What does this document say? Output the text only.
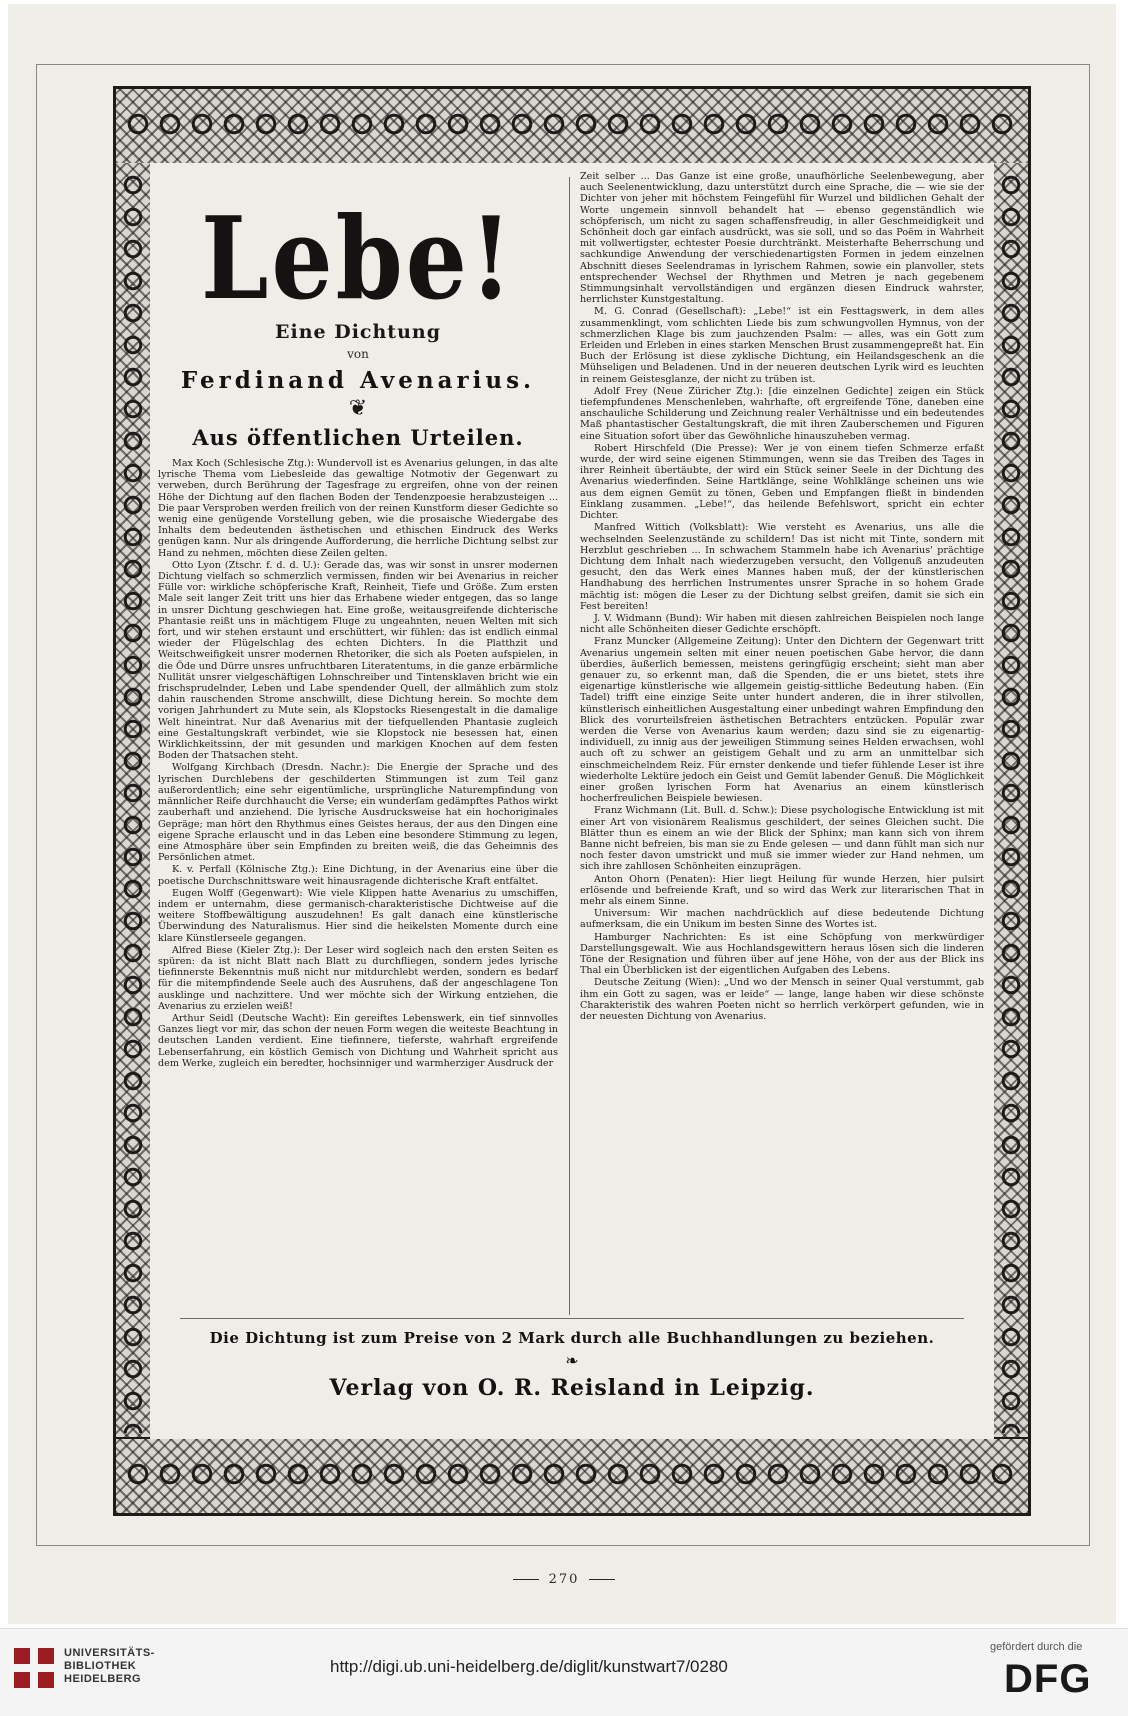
Lebe!
Eine Dichtung
von
Ferdinand Avenarius.
❦
Aus öffentlichen Urteilen.

Max Koch (Schlesische Ztg.): Wundervoll ist es Avenarius gelungen, in das alte lyrische Thema vom Liebesleide das gewaltige Notmotiv der Gegenwart zu verweben, durch Berührung der Tagesfrage zu ergreifen, ohne von der reinen Höhe der Dichtung auf den flachen Boden der Tendenzpoesie herabzusteigen ... Die paar Versproben werden freilich von der reinen Kunstform dieser Gedichte so wenig eine genügende Vorstellung geben, wie die prosaische Wiedergabe des Inhalts dem bedeutenden ästhetischen und ethischen Eindruck des Werks genügen kann. Nur als dringende Aufforderung, die herrliche Dichtung selbst zur Hand zu nehmen, möchten diese Zeilen gelten.

Otto Lyon (Ztschr. f. d. d. U.): Gerade das, was wir sonst in unsrer modernen Dichtung vielfach so schmerzlich vermissen, finden wir bei Avenarius in reicher Fülle vor: wirkliche schöpferische Kraft, Reinheit, Tiefe und Größe. Zum ersten Male seit langer Zeit tritt uns hier das Erhabene wieder entgegen, das so lange in unsrer Dichtung geschwiegen hat. Eine große, weitausgreifende dichterische Phantasie reißt uns in mächtigem Fluge zu ungeahnten, neuen Welten mit sich fort, und wir stehen erstaunt und erschüttert, wir fühlen: das ist endlich einmal wieder der Flügelschlag des echten Dichters. In die Platthzit und Weitschweifigkeit unsrer modernen Rhetoriker, die sich als Poeten aufspielen, in die Öde und Dürre unsres unfruchtbaren Literatentums, in die ganze erbärmliche Nullität unsrer vielgeschäftigen Lohnschreiber und Tintensklaven bricht wie ein frischsprudelnder, Leben und Labe spendender Quell, der allmählich zum stolz dahin rauschenden Strome anschwillt, diese Dichtung herein. So mochte dem vorigen Jahrhundert zu Mute sein, als Klopstocks Riesengestalt in die damalige Welt hineintrat. Nur daß Avenarius mit der tiefquellenden Phantasie zugleich eine Gestaltungskraft verbindet, wie sie Klopstock nie besessen hat, einen Wirklichkeitssinn, der mit gesunden und markigen Knochen auf dem festen Boden der Thatsachen steht.

Wolfgang Kirchbach (Dresdn. Nachr.): Die Energie der Sprache und des lyrischen Durchlebens der geschilderten Stimmungen ist zum Teil ganz außerordentlich; eine sehr eigentümliche, ursprüngliche Naturempfindung von männlicher Reife durchhaucht die Verse; ein wunderſam gedämpftes Pathos wirkt zauberhaft und anziehend. Die lyrische Ausdrucksweise hat ein hochoriginales Gepräge; man hört den Rhythmus eines Geistes heraus, der aus den Dingen eine eigene Sprache erlauscht und in das Leben eine besondere Stimmung zu legen, eine Atmosphäre über sein Empfinden zu breiten weiß, die das Geheimnis des Persönlichen atmet.

K. v. Perfall (Kölnische Ztg.): Eine Dichtung, in der Avenarius eine über die poetische Durchschnittsware weit hinausragende dichterische Kraft entfaltet.

Eugen Wolff (Gegenwart): Wie viele Klippen hatte Avenarius zu umschiffen, indem er unternahm, diese germanisch-charakteristische Dichtweise auf die weitere Stoffbewältigung auszudehnen! Es galt danach eine künstlerische Überwindung des Naturalismus. Hier sind die heikelsten Momente durch eine klare Künstlerseele gegangen.

Alfred Biese (Kieler Ztg.): Der Leser wird sogleich nach den ersten Seiten es spüren: da ist nicht Blatt nach Blatt zu durchfliegen, sondern jedes lyrische tiefinnerste Bekenntnis muß nicht nur mitdurchlebt werden, sondern es bedarf für die mitempfindende Seele auch des Ausruhens, daß der angeschlagene Ton ausklinge und nachzittere. Und wer möchte sich der Wirkung entziehen, die Avenarius zu erzielen weiß!

Arthur Seidl (Deutsche Wacht): Ein gereiftes Lebenswerk, ein tief sinnvolles Ganzes liegt vor mir, das schon der neuen Form wegen die weiteste Beachtung in deutschen Landen verdient. Eine tiefinnere, tieferste, wahrhaft ergreifende Lebenserfahrung, ein köstlich Gemisch von Dichtung und Wahrheit spricht aus dem Werke, zugleich ein beredter, hochsinniger und warmherziger Ausdruck der

Zeit selber ... Das Ganze ist eine große, unaufhörliche Seelenbewegung, aber auch Seelenentwicklung, dazu unterstützt durch eine Sprache, die — wie sie der Dichter von jeher mit höchstem Feingefühl für Wurzel und bildlichen Gehalt der Worte ungemein sinnvoll behandelt hat — ebenso gegenständlich wie schöpferisch, um nicht zu sagen schaffensfreudig, in aller Geschmeidigkeit und Schönheit doch gar einfach ausdrückt, was sie soll, und so das Poëm in Wahrheit mit vollwertigster, echtester Poesie durchtränkt. Meisterhafte Beherrschung und sachkundige Anwendung der verschiedenartigsten Formen in jedem einzelnen Abschnitt dieses Seelendramas in lyrischem Rahmen, sowie ein planvoller, stets entsprechender Wechsel der Rhythmen und Metren je nach gegebenem Stimmungsinhalt vervollständigen und ergänzen diesen Eindruck wahrster, herrlichster Kunstgestaltung.

M. G. Conrad (Gesellschaft): „Lebe!“ ist ein Festtagswerk, in dem alles zusammenklingt, vom schlichten Liede bis zum schwungvollen Hymnus, von der schmerzlichen Klage bis zum jauchzenden Psalm: — alles, was ein Gott zum Erleiden und Erleben in eines starken Menschen Brust zusammengepreßt hat. Ein Buch der Erlösung ist diese zyklische Dichtung, ein Heilandsgeschenk an die Mühseligen und Beladenen. Und in der neueren deutschen Lyrik wird es leuchten in reinem Geistesglanze, der nicht zu trüben ist.

Adolf Frey (Neue Züricher Ztg.): [die einzelnen Gedichte] zeigen ein Stück tiefempfundenes Menschenleben, wahrhafte, oft ergreifende Töne, daneben eine anschauliche Schilderung und Zeichnung realer Verhältnisse und ein bedeutendes Maß phantastischer Gestaltungskraft, die mit ihren Zauberschemen und Figuren eine Situation sofort über das Gewöhnliche hinauszuheben vermag.

Robert Hirschfeld (Die Presse): Wer je von einem tiefen Schmerze erfaßt wurde, der wird seine eigenen Stimmungen, wenn sie das Treiben des Tages in ihrer Reinheit übertäubte, der wird ein Stück seiner Seele in der Dichtung des Avenarius wiederfinden. Seine Hartklänge, seine Wohlklänge scheinen uns wie aus dem eignen Gemüt zu tönen, Geben und Empfangen fließt in bindenden Einklang zusammen. „Lebe!“, das heilende Befehlswort, spricht ein echter Dichter.

Manfred Wittich (Volksblatt): Wie versteht es Avenarius, uns alle die wechselnden Seelenzustände zu schildern! Das ist nicht mit Tinte, sondern mit Herzblut geschrieben ... In schwachem Stammeln habe ich Avenarius' prächtige Dichtung dem Inhalt nach wiederzugeben versucht, den Vollgenuß anzudeuten gesucht, den das Werk eines Mannes haben muß, der der künstlerischen Handhabung des herrlichen Instrumentes unsrer Sprache in so hohem Grade mächtig ist: mögen die Leser zu der Dichtung selbst greifen, damit sie sich ein Fest bereiten!

J. V. Widmann (Bund): Wir haben mit diesen zahlreichen Beispielen noch lange nicht alle Schönheiten dieser Gedichte erschöpft.

Franz Muncker (Allgemeine Zeitung): Unter den Dichtern der Gegenwart tritt Avenarius ungemein selten mit einer neuen poetischen Gabe hervor, die dann überdies, äußerlich bemessen, meistens geringfügig erscheint; sieht man aber genauer zu, so erkennt man, daß die Spenden, die er uns bietet, stets ihre eigenartige künstlerische wie allgemein geistig-sittliche Bedeutung haben. (Ein Tadel) trifft eine einzige Seite unter hundert anderen, die in ihrer stilvollen, künstlerisch einheitlichen Ausgestaltung einer unbedingt wahren Empfindung den Blick des vorurteilsfreien ästhetischen Betrachters entzücken. Populär zwar werden die Verse von Avenarius kaum werden; dazu sind sie zu eigenartig-individuell, zu innig aus der jeweiligen Stimmung seines Helden erwachsen, wohl auch oft zu schwer an geistigem Gehalt und zu arm an unmittelbar sich einschmeichelndem Reiz. Für ernster denkende und tiefer fühlende Leser ist ihre wiederholte Lektüre jedoch ein Geist und Gemüt labender Genuß. Die Möglichkeit einer großen lyrischen Form hat Avenarius an einem künstlerisch hocherfreulichen Beispiele bewiesen.

Franz Wichmann (Lit. Bull. d. Schw.): Diese psychologische Entwicklung ist mit einer Art von visionärem Realismus geschildert, der seines Gleichen sucht. Die Blätter thun es einem an wie der Blick der Sphinx; man kann sich von ihrem Banne nicht befreien, bis man sie zu Ende gelesen — und dann fühlt man sich nur noch fester davon umstrickt und muß sie immer wieder zur Hand nehmen, um sich ihre zahllosen Schönheiten einzuprägen.

Anton Ohorn (Penaten): Hier liegt Heilung für wunde Herzen, hier pulsirt erlösende und befreiende Kraft, und so wird das Werk zur literarischen That in mehr als einem Sinne.

Universum: Wir machen nachdrücklich auf diese bedeutende Dichtung aufmerksam, die ein Unikum im besten Sinne des Wortes ist.

Hamburger Nachrichten: Es ist eine Schöpfung von merkwürdiger Darstellungsgewalt. Wie aus Hochlandsgewittern heraus lösen sich die linderen Töne der Resignation und führen über auf jene Höhe, von der aus der Blick ins Thal ein Überblicken ist der eigentlichen Aufgaben des Lebens.

Deutsche Zeitung (Wien): „Und wo der Mensch in seiner Qual verstummt, gab ihm ein Gott zu sagen, was er leide“ — lange, lange haben wir diese schönste Charakteristik des wahren Poeten nicht so herrlich verkörpert gefunden, wie in der neuesten Dichtung von Avenarius.

Die Dichtung ist zum Preise von 2 Mark durch alle Buchhandlungen zu beziehen.
❧
Verlag von O. R. Reisland in Leipzig.
270
UNIVERSITÄTS-
BIBLIOTHEK
HEIDELBERG
http://digi.ub.uni-heidelberg.de/diglit/kunstwart7/0280
gefördert durch die
DFG
